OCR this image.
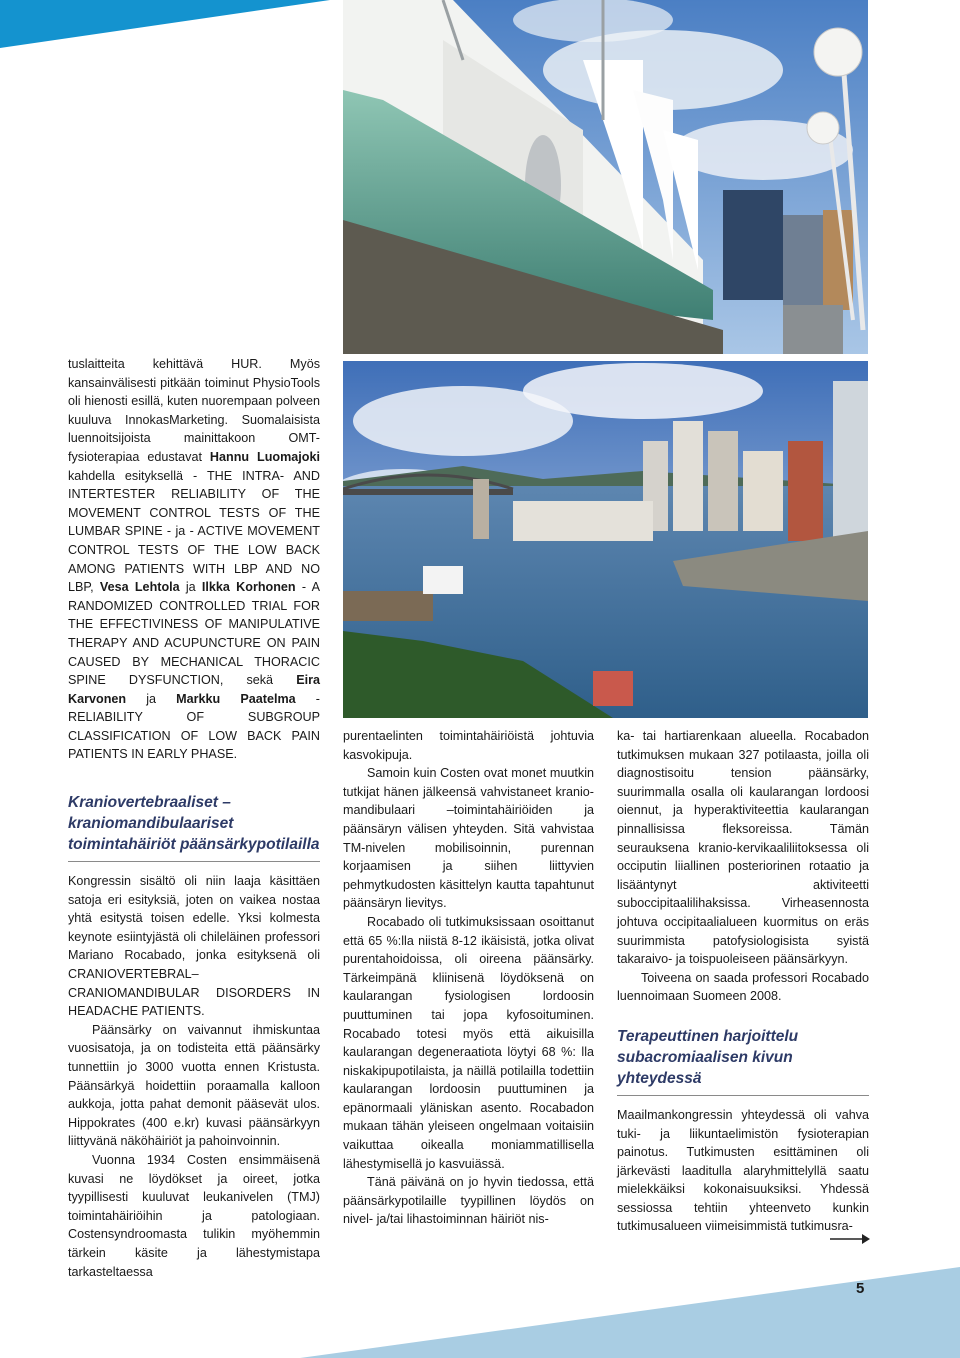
tuslaitteita kehittävä HUR. Myös kansainvälisesti pitkään toiminut PhysioTools oli hienosti esillä, kuten nuorempaan polveen kuuluva InnokasMarketing. Suomalaisista luennoitsijoista mainittakoon OMT-fysioterapiaa edustavat Hannu Luomajoki kahdella esityksellä - THE INTRA- AND INTERTESTER RELIABILITY OF THE MOVEMENT CONTROL TESTS OF THE LUMBAR SPINE - ja - ACTIVE MOVEMENT CONTROL TESTS OF THE LOW BACK AMONG PATIENTS WITH LBP AND NO LBP, Vesa Lehtola ja Ilkka Korhonen - A RANDOMIZED CONTROLLED TRIAL FOR THE EFFECTIVINESS OF MANIPULATIVE THERAPY AND ACUPUNCTURE ON PAIN CAUSED BY MECHANICAL THORACIC SPINE DYSFUNCTION, sekä Eira Karvonen ja Markku Paatelma - RELIABILITY OF SUBGROUP CLASSIFICATION OF LOW BACK PAIN PATIENTS IN EARLY PHASE.

Kraniovertebraaliset – kraniomandibulaariset toimintahäiriöt päänsärkypotilailla

Kongressin sisältö oli niin laaja käsittäen satoja eri esityksiä, joten on vaikea nostaa yhtä esitystä toisen edelle. Yksi kolmesta keynote esiintyjästä oli chileläinen professori Mariano Rocabado, jonka esityksenä oli CRANIOVERTEBRAL–CRANIOMANDIBULAR DISORDERS IN HEADACHE PATIENTS.

Päänsärky on vaivannut ihmiskuntaa vuosisatoja, ja on todisteita että päänsärky tunnettiin jo 3000 vuotta ennen Kristusta. Päänsärkyä hoidettiin poraamalla kalloon aukkoja, jotta pahat demonit pääsevät ulos. Hippokrates (400 e.kr) kuvasi päänsärkyyn liittyvänä näköhäiriöt ja pahoinvoinnin.

Vuonna 1934 Costen ensimmäisenä kuvasi ne löydökset ja oireet, jotka tyypillisesti kuuluvat leukanivelen (TMJ) toimintahäiriöihin ja patologiaan. Costensyndroomasta tulikin myöhemmin tärkein käsite ja lähestymistapa tarkasteltaessa

purentaelinten toimintahäiriöistä johtuvia kasvokipuja.

Samoin kuin Costen ovat monet muutkin tutkijat hänen jälkeensä vahvistaneet kranio-mandibulaari –toimintahäiriöiden ja päänsäryn välisen yhteyden. Sitä vahvistaa TM-nivelen mobilisoinnin, purennan korjaamisen ja siihen liittyvien pehmytkudosten käsittelyn kautta tapahtunut päänsäryn lievitys.

Rocabado oli tutkimuksissaan osoittanut että 65 %:lla niistä 8-12 ikäisistä, jotka olivat purentahoidoissa, oli oireena päänsärky. Tärkeimpänä kliinisenä löydöksenä on kaularangan fysiologisen lordoosin puuttuminen tai jopa kyfosoituminen. Rocabado totesi myös että aikuisilla kaularangan degeneraatiota löytyi 68 %: lla niskakipupotilaista, ja näillä potilailla todettiin kaularangan lordoosin puuttuminen ja epänormaali yläniskan asento. Rocabadon mukaan tähän yleiseen ongelmaan voitaisiin vaikuttaa oikealla moniammatillisella lähestymisellä jo kasvuiässä.

Tänä päivänä on jo hyvin tiedossa, että päänsärkypotilaille tyypillinen löydös on nivel- ja/tai lihastoiminnan häiriöt nis-

ka- tai hartiarenkaan alueella. Rocabadon tutkimuksen mukaan 327 potilaasta, joilla oli diagnostisoitu tension päänsärky, suurimmalla osalla oli kaularangan lordoosi oiennut, ja hyperaktiviteettia kaularangan pinnallisissa fleksoreissa. Tämän seurauksena kranio-kervikaaliliitoksessa oli occiputin liiallinen posteriorinen rotaatio ja lisääntynyt aktiviteetti suboccipitaalilihaksissa. Virheasennosta johtuva occipitaalialueen kuormitus on eräs suurimmista patofysiologisista syistä takaraivo- ja toispuoleiseen päänsärkyyn.

Toiveena on saada professori Rocabado luennoimaan Suomeen 2008.

Terapeuttinen harjoittelu subacromiaalisen kivun yhteydessä

Maailmankongressin yhteydessä oli vahva tuki- ja liikuntaelimistön fysioterapian painotus. Tutkimusten esittäminen oli järkevästi laaditulla alaryhmittelyllä saatu mielekkäiksi kokonaisuuksiksi. Yhdessä sessiossa tehtiin yhteenveto kunkin tutkimusalueen viimeisimmistä tutkimusra-

5
